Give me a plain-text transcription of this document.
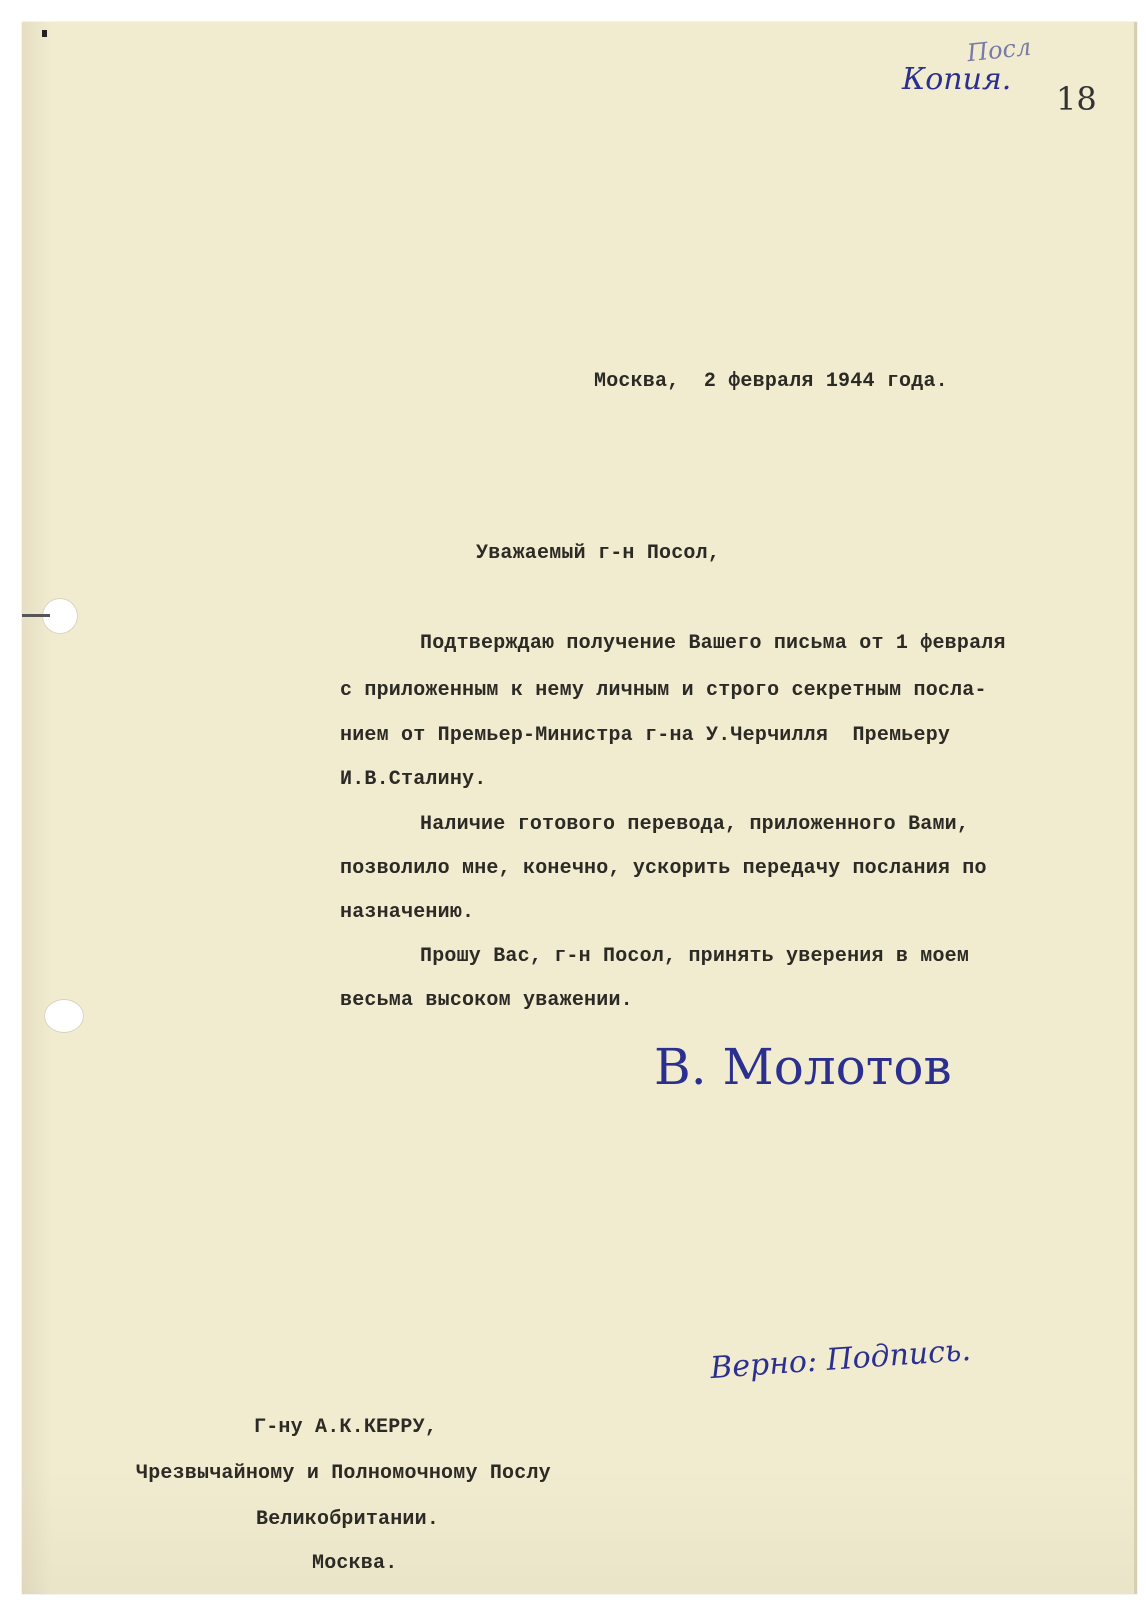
Посл
Копия.
18
Москва,  2 февраля 1944 года.
Уважаемый г-н Посол,
Подтверждаю получение Вашего письма от 1 февраля
с приложенным к нему личным и строго секретным посла-
нием от Премьер-Министра г-на У.Черчилля  Премьеру
И.В.Сталину.
Наличие готового перевода, приложенного Вами,
позволило мне, конечно, ускорить передачу послания по
назначению.
Прошу Вас, г-н Посол, принять уверения в моем
весьма высоком уважении.
В. Молотов
Верно: Подпись.
Г-ну А.К.КЕРРУ,
Чрезвычайному и Полномочному Послу
Великобритании.
Москва.
